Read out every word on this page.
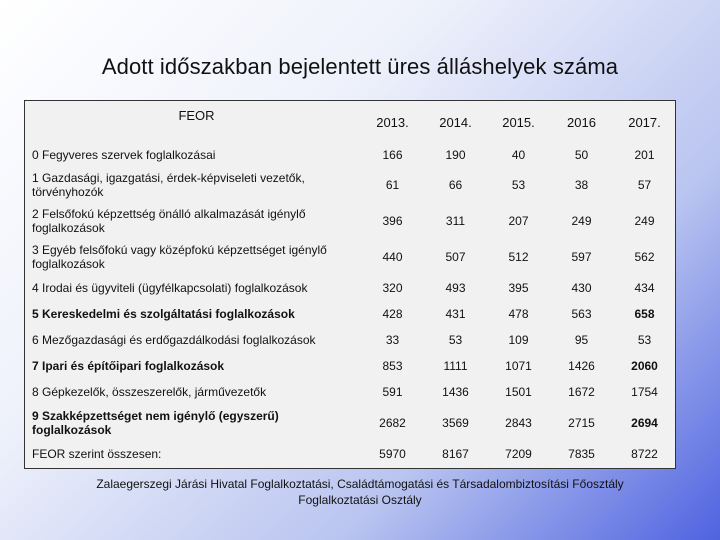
Adott időszakban bejelentett üres álláshelyek száma
FEOR	2013.	2014.	2015.	2016	2017.
0 Fegyveres szervek foglalkozásai	166	190	40	50	201
1 Gazdasági, igazgatási, érdek-képviseleti vezetők, törvényhozók	61	66	53	38	57
2 Felsőfokú képzettség önálló alkalmazását igénylő foglalkozások	396	311	207	249	249
3 Egyéb felsőfokú vagy középfokú képzettséget igénylő foglalkozások	440	507	512	597	562
4 Irodai és ügyviteli (ügyfélkapcsolati) foglalkozások	320	493	395	430	434
5 Kereskedelmi és szolgáltatási foglalkozások	428	431	478	563	658
6 Mezőgazdasági és erdőgazdálkodási foglalkozások	33	53	109	95	53
7 Ipari és építőipari foglalkozások	853	1111	1071	1426	2060
8 Gépkezelők, összeszerelők, járművezetők	591	1436	1501	1672	1754
9 Szakképzettséget nem igénylő (egyszerű) foglalkozások	2682	3569	2843	2715	2694
FEOR szerint összesen:	5970	8167	7209	7835	8722
Zalaegerszegi Járási Hivatal Foglalkoztatási, Családtámogatási és Társadalombiztosítási Főosztály
Foglalkoztatási Osztály
